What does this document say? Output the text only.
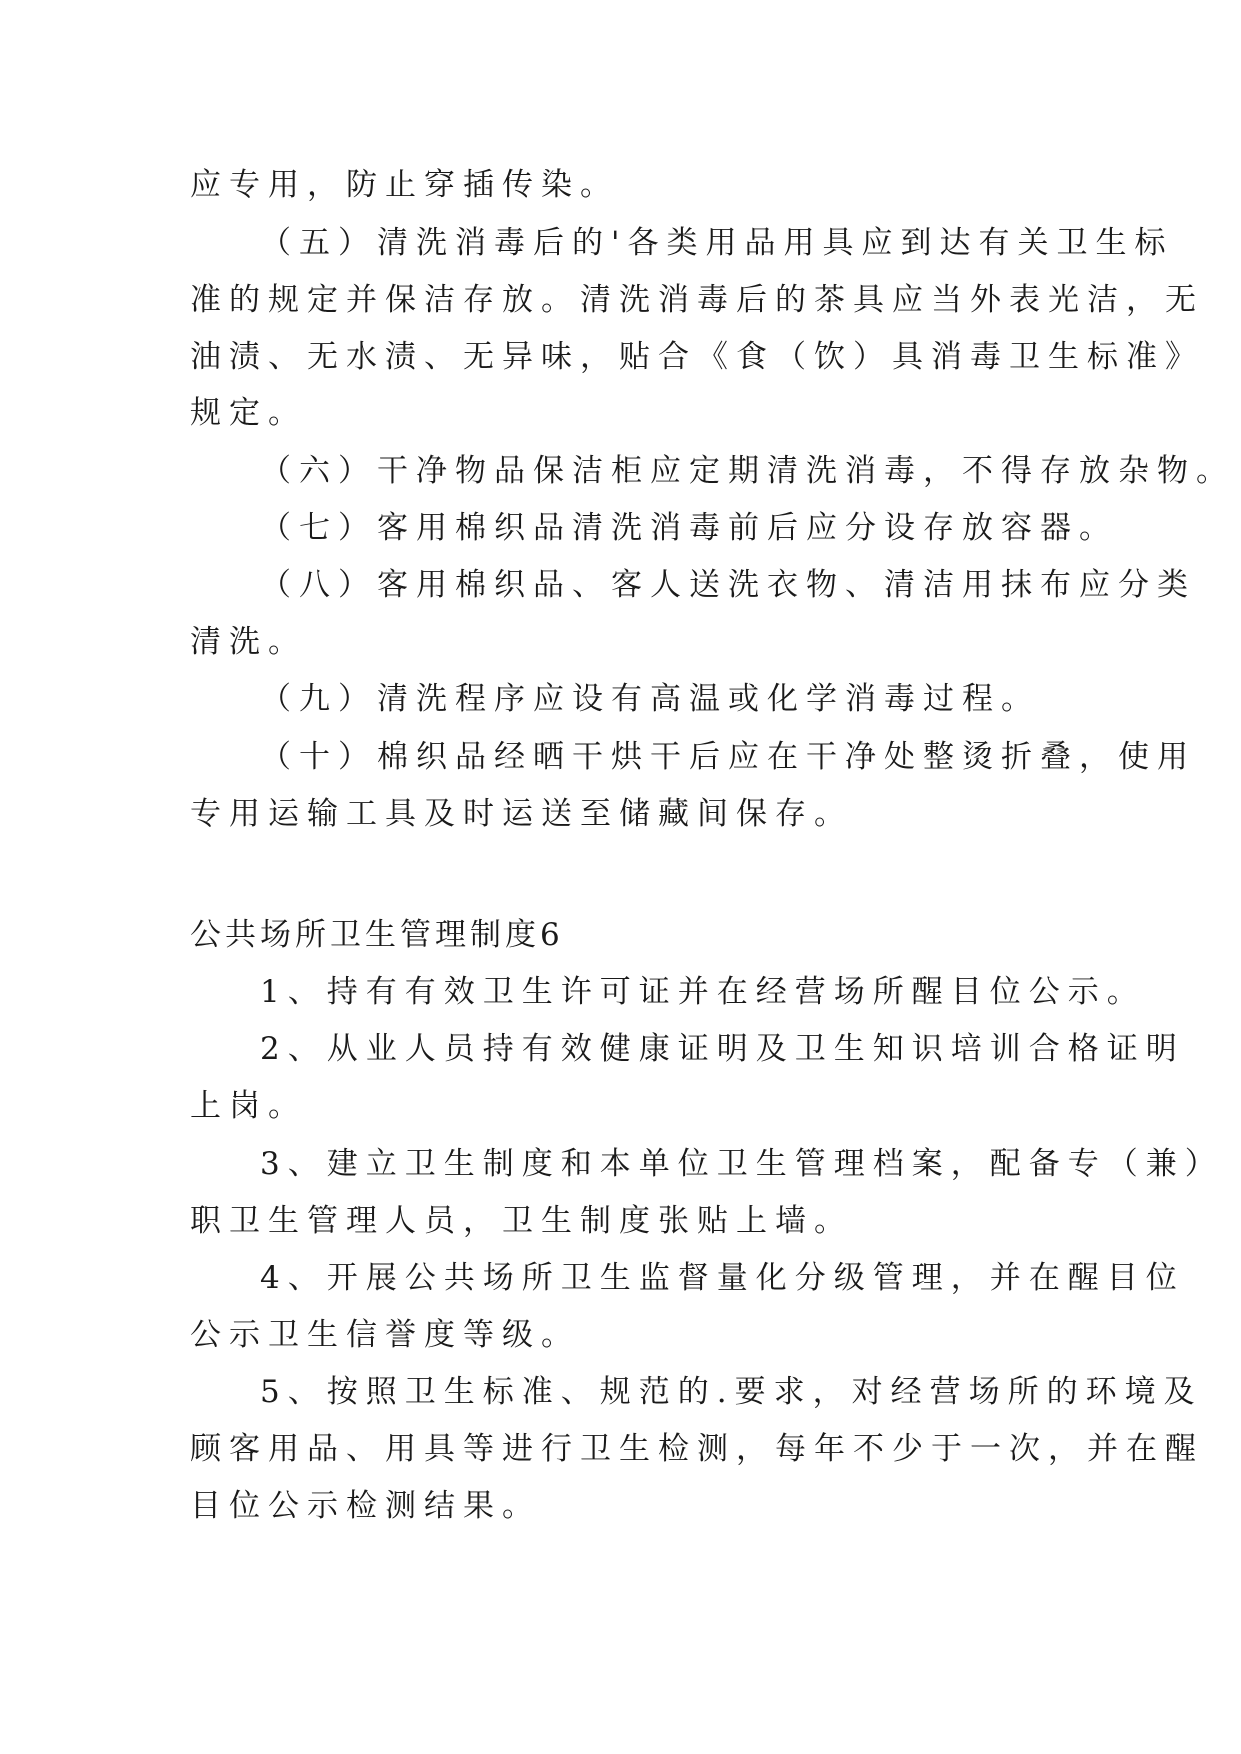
应专用，防止穿插传染。
（五）清洗消毒后的'各类用品用具应到达有关卫生标
准的规定并保洁存放。清洗消毒后的茶具应当外表光洁，无
油渍、无水渍、无异味，贴合《食（饮）具消毒卫生标准》
规定。
（六）干净物品保洁柜应定期清洗消毒，不得存放杂物。
（七）客用棉织品清洗消毒前后应分设存放容器。
（八）客用棉织品、客人送洗衣物、清洁用抹布应分类
清洗。
（九）清洗程序应设有高温或化学消毒过程。
（十）棉织品经晒干烘干后应在干净处整烫折叠，使用
专用运输工具及时运送至储藏间保存。
公共场所卫生管理制度6
1、持有有效卫生许可证并在经营场所醒目位公示。
2、从业人员持有效健康证明及卫生知识培训合格证明
上岗。
3、建立卫生制度和本单位卫生管理档案，配备专（兼）
职卫生管理人员，卫生制度张贴上墙。
4、开展公共场所卫生监督量化分级管理，并在醒目位
公示卫生信誉度等级。
5、按照卫生标准、规范的.要求，对经营场所的环境及
顾客用品、用具等进行卫生检测，每年不少于一次，并在醒
目位公示检测结果。
